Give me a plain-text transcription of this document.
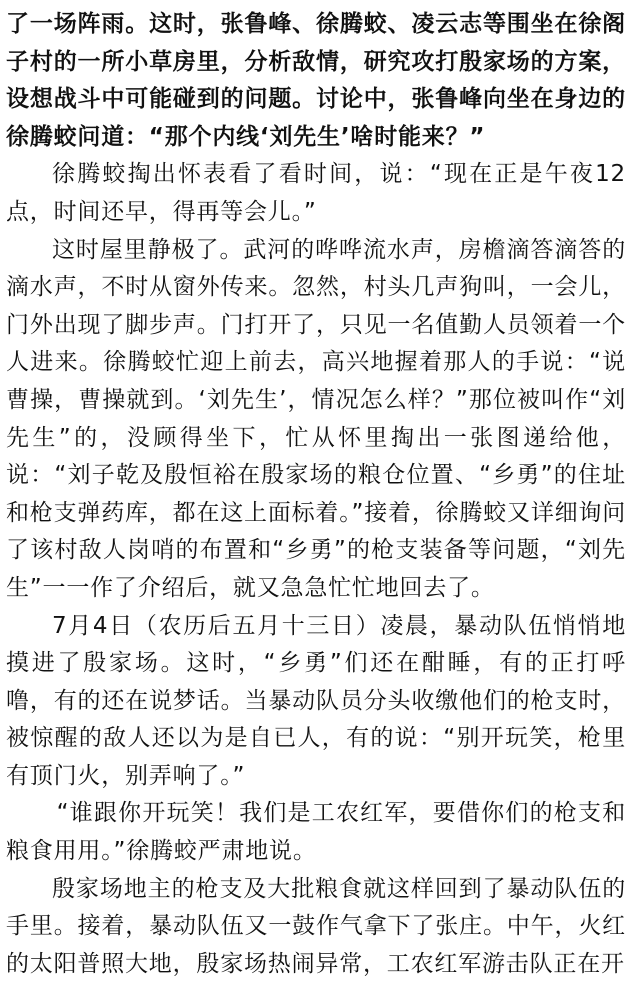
了一场阵雨。这时，张鲁峰、徐腾蛟、凌云志等围坐在徐阁子村的一所小草房里，分析敌情，研究攻打殷家场的方案，设想战斗中可能碰到的问题。讨论中，张鲁峰向坐在身边的徐腾蛟问道：“那个内线‘刘先生’啥时能来？”

徐腾蛟掏出怀表看了看时间，说：“现在正是午夜12点，时间还早，得再等会儿。”

这时屋里静极了。武河的哗哗流水声，房檐滴答滴答的滴水声，不时从窗外传来。忽然，村头几声狗叫，一会儿，门外出现了脚步声。门打开了，只见一名值勤人员领着一个人进来。徐腾蛟忙迎上前去，高兴地握着那人的手说：“说曹操，曹操就到。‘刘先生’，情况怎么样？”那位被叫作“刘先生”的，没顾得坐下，忙从怀里掏出一张图递给他，说：“刘子乾及殷恒裕在殷家场的粮仓位置、“乡勇”的住址和枪支弹药库，都在这上面标着。”接着，徐腾蛟又详细询问了该村敌人岗哨的布置和“乡勇”的枪支装备等问题，“刘先生”一一作了介绍后，就又急急忙忙地回去了。

7月4日（农历后五月十三日）凌晨，暴动队伍悄悄地摸进了殷家场。这时，“乡勇”们还在酣睡，有的正打呼噜，有的还在说梦话。当暴动队员分头收缴他们的枪支时，被惊醒的敌人还以为是自已人，有的说：“别开玩笑，枪里有顶门火，别弄响了。”

“谁跟你开玩笑！我们是工农红军，要借你们的枪支和粮食用用。”徐腾蛟严肃地说。

殷家场地主的枪支及大批粮食就这样回到了暴动队伍的手里。接着，暴动队伍又一鼓作气拿下了张庄。中午，火红的太阳普照大地，殷家场热闹异常，工农红军游击队正在开
